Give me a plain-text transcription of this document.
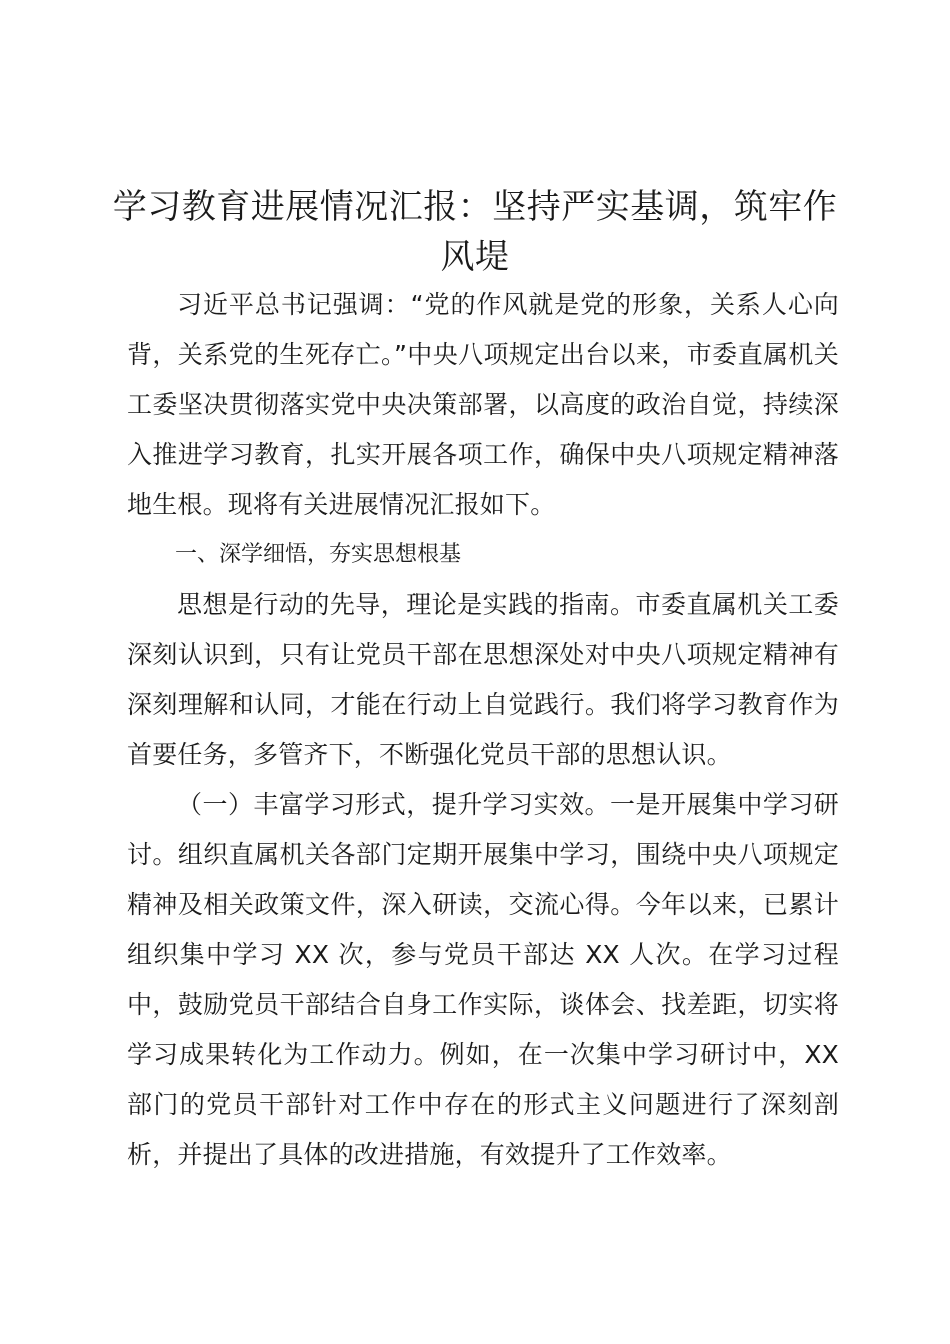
学习教育进展情况汇报：坚持严实基调，筑牢作风堤

习近平总书记强调：“党的作风就是党的形象，关系人心向背，关系党的生死存亡。”中央八项规定出台以来，市委直属机关工委坚决贯彻落实党中央决策部署，以高度的政治自觉，持续深入推进学习教育，扎实开展各项工作，确保中央八项规定精神落地生根。现将有关进展情况汇报如下。

一、深学细悟，夯实思想根基

思想是行动的先导，理论是实践的指南。市委直属机关工委深刻认识到，只有让党员干部在思想深处对中央八项规定精神有深刻理解和认同，才能在行动上自觉践行。我们将学习教育作为首要任务，多管齐下，不断强化党员干部的思想认识。

（一）丰富学习形式，提升学习实效。一是开展集中学习研讨。组织直属机关各部门定期开展集中学习，围绕中央八项规定精神及相关政策文件，深入研读，交流心得。今年以来，已累计组织集中学习 XX 次，参与党员干部达 XX 人次。在学习过程中，鼓励党员干部结合自身工作实际，谈体会、找差距，切实将学习成果转化为工作动力。例如，在一次集中学习研讨中，XX 部门的党员干部针对工作中存在的形式主义问题进行了深刻剖析，并提出了具体的改进措施，有效提升了工作效率。
